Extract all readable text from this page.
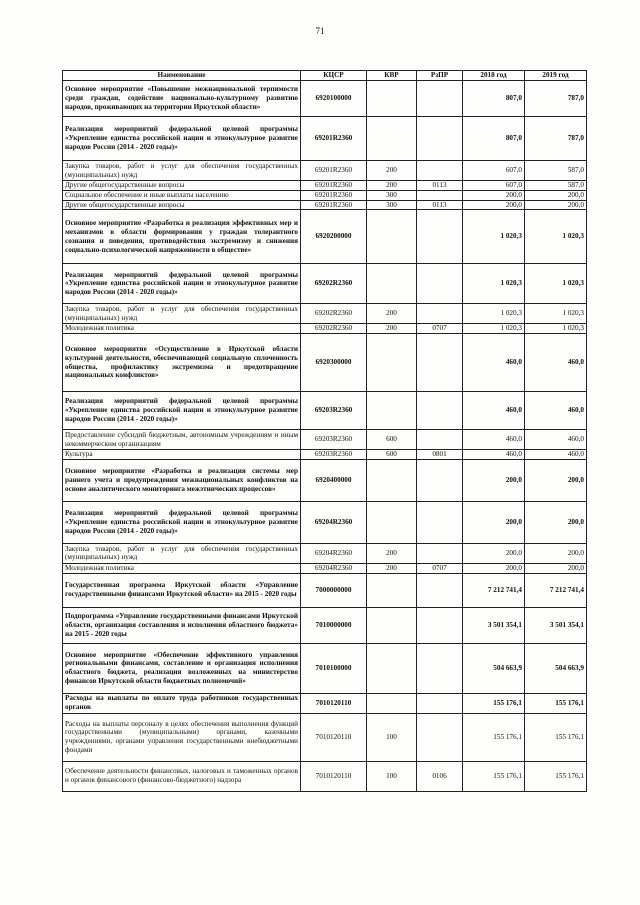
71
Наименование	КЦСР	КВР	РзПР	2018 год	2019 год
Основное мероприятие «Повышение межнациональной терпимости среди граждан, содействие национально-культурному развитию народов, проживающих на территории Иркутской области»	6920100000			807,0	787,0
Реализация мероприятий федеральной целевой программы «Укрепление единства российской нации и этнокультурное развитие народов России (2014 - 2020 годы)»	69201R2360			807,0	787,0
Закупка товаров, работ и услуг для обеспечения государственных (муниципальных) нужд	69201R2360	200		607,0	587,0
Другие общегосударственные вопросы	69201R2360	200	0113	607,0	587,0
Социальное обеспечение и иные выплаты населению	69201R2360	300		200,0	200,0
Другие общегосударственные вопросы	69201R2360	300	0113	200,0	200,0
Основное мероприятие «Разработка и реализация эффективных мер и механизмов в области формирования у граждан толерантного сознания и поведения, противодействия экстремизму и снижения социально-психологической напряженности в обществе»	6920200000			1 020,3	1 020,3
Реализация мероприятий федеральной целевой программы «Укрепление единства российской нации и этнокультурное развитие народов России (2014 - 2020 годы)»	69202R2360			1 020,3	1 020,3
Закупка товаров, работ и услуг для обеспечения государственных (муниципальных) нужд	69202R2360	200		1 020,3	1 020,3
Молодежная политика	69202R2360	200	0707	1 020,3	1 020,3
Основное мероприятие «Осуществление в Иркутской области культурной деятельности, обеспечивающей социальную сплоченность общества, профилактику экстремизма и предотвращение национальных конфликтов»	6920300000			460,0	460,0
Реализация мероприятий федеральной целевой программы «Укрепление единства российской нации и этнокультурное развитие народов России (2014 - 2020 годы)»	69203R2360			460,0	460,0
Предоставление субсидий бюджетным, автономным учреждениям и иным некоммерческим организациям	69203R2360	600		460,0	460,0
Культура	69203R2360	600	0801	460,0	460,0
Основное мероприятие «Разработка и реализация системы мер раннего учета и предупреждения межнациональных конфликтов на основе аналитического мониторинга межэтнических процессов»	6920400000			200,0	200,0
Реализация мероприятий федеральной целевой программы «Укрепление единства российской нации и этнокультурное развитие народов России (2014 - 2020 годы)»	69204R2360			200,0	200,0
Закупка товаров, работ и услуг для обеспечения государственных (муниципальных) нужд	69204R2360	200		200,0	200,0
Молодежная политика	69204R2360	200	0707	200,0	200,0
Государственная программа Иркутской области «Управление государственными финансами Иркутской области» на 2015 - 2020 годы	7000000000			7 212 741,4	7 212 741,4
Подпрограмма «Управление государственными финансами Иркутской области, организация составления и исполнения областного бюджета» на 2015 - 2020 годы	7010000000			3 501 354,1	3 501 354,1
Основное мероприятие «Обеспечение эффективного управления региональными финансами, составление и организация исполнения областного бюджета, реализация возложенных на министерство финансов Иркутской области бюджетных полномочий»	7010100000			504 663,9	504 663,9
Расходы на выплаты по оплате труда работников государственных органов	7010120110			155 176,1	155 176,1
Расходы на выплаты персоналу в целях обеспечения выполнения функций государственными (муниципальными) органами, казенными учреждениями, органами управления государственными внебюджетными фондами	7010120110	100		155 176,1	155 176,1
Обеспечение деятельности финансовых, налоговых и таможенных органов и органов финансового (финансово-бюджетного) надзора	7010120110	100	0106	155 176,1	155 176,1
